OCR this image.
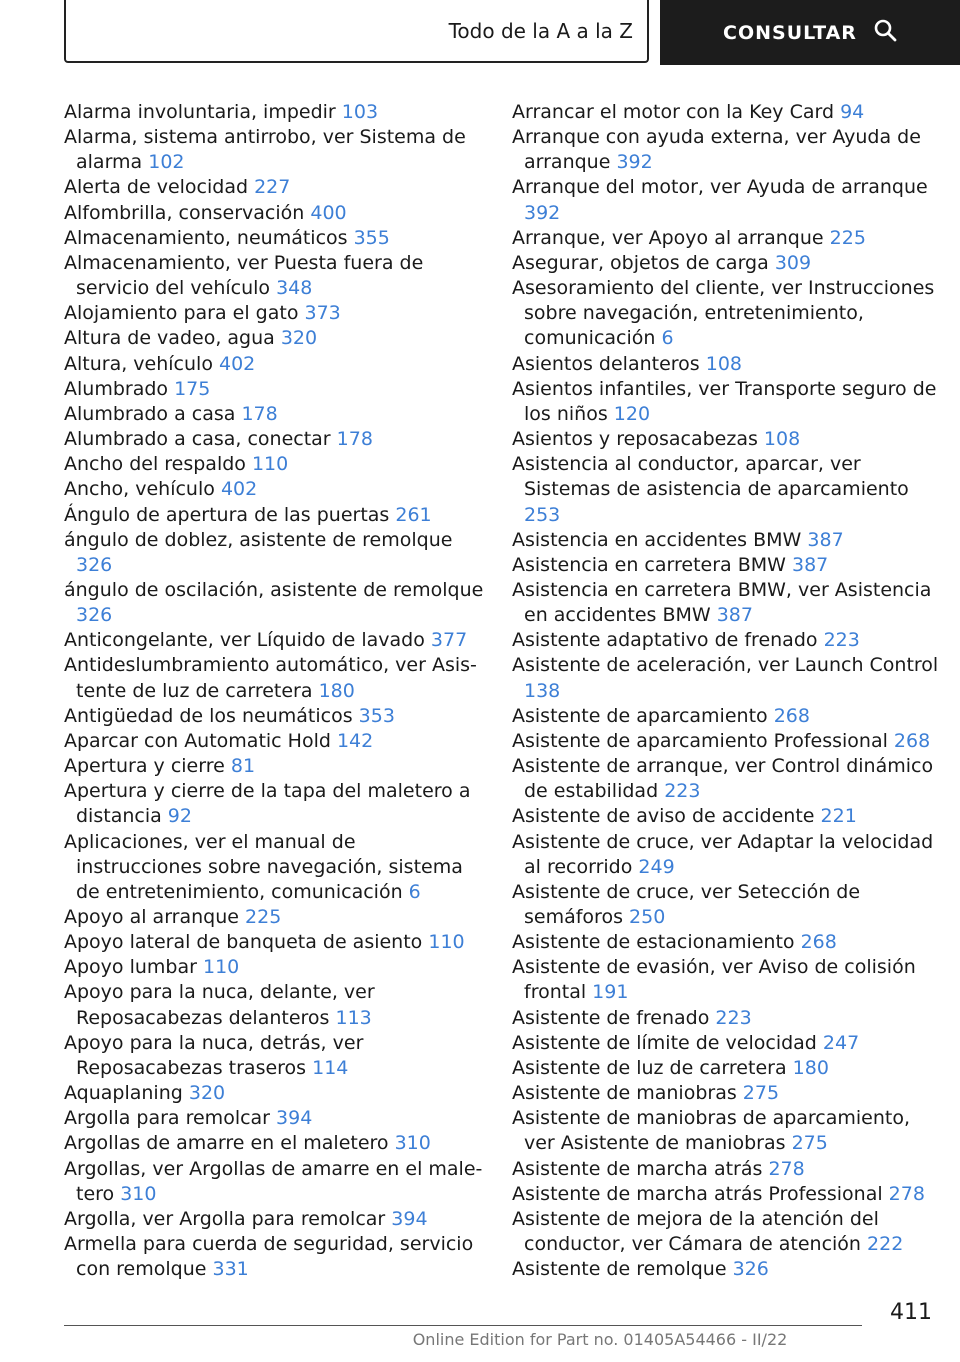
Todo de la A a la Z	CONSULTAR
Alarma involuntaria, impedir 103
Alarma, sistema antirrobo, ver Sistema de alarma 102
Alerta de velocidad 227
Alfombrilla, conservación 400
Almacenamiento, neumáticos 355
Almacenamiento, ver Puesta fuera de servicio del vehículo 348
Alojamiento para el gato 373
Altura de vadeo, agua 320
Altura, vehículo 402
Alumbrado 175
Alumbrado a casa 178
Alumbrado a casa, conectar 178
Ancho del respaldo 110
Ancho, vehículo 402
Ángulo de apertura de las puertas 261
ángulo de doblez, asistente de remolque 326
ángulo de oscilación, asistente de remolque 326
Anticongelante, ver Líquido de lavado 377
Antideslumbramiento automático, ver Asistente de luz de carretera 180
Antigüedad de los neumáticos 353
Aparcar con Automatic Hold 142
Apertura y cierre 81
Apertura y cierre de la tapa del maletero a distancia 92
Aplicaciones, ver el manual de instrucciones sobre navegación, sistema de entretenimiento, comunicación 6
Apoyo al arranque 225
Apoyo lateral de banqueta de asiento 110
Apoyo lumbar 110
Apoyo para la nuca, delante, ver Reposacabezas delanteros 113
Apoyo para la nuca, detrás, ver Reposacabezas traseros 114
Aquaplaning 320
Argolla para remolcar 394
Argollas de amarre en el maletero 310
Argollas, ver Argollas de amarre en el maletero 310
Argolla, ver Argolla para remolcar 394
Armella para cuerda de seguridad, servicio con remolque 331
Arrancar el motor con la Key Card 94
Arranque con ayuda externa, ver Ayuda de arranque 392
Arranque del motor, ver Ayuda de arranque 392
Arranque, ver Apoyo al arranque 225
Asegurar, objetos de carga 309
Asesoramiento del cliente, ver Instrucciones sobre navegación, entretenimiento, comunicación 6
Asientos delanteros 108
Asientos infantiles, ver Transporte seguro de los niños 120
Asientos y reposacabezas 108
Asistencia al conductor, aparcar, ver Sistemas de asistencia de aparcamiento 253
Asistencia en accidentes BMW 387
Asistencia en carretera BMW 387
Asistencia en carretera BMW, ver Asistencia en accidentes BMW 387
Asistente adaptativo de frenado 223
Asistente de aceleración, ver Launch Control 138
Asistente de aparcamiento 268
Asistente de aparcamiento Professional 268
Asistente de arranque, ver Control dinámico de estabilidad 223
Asistente de aviso de accidente 221
Asistente de cruce, ver Adaptar la velocidad al recorrido 249
Asistente de cruce, ver Setección de semáforos 250
Asistente de estacionamiento 268
Asistente de evasión, ver Aviso de colisión frontal 191
Asistente de frenado 223
Asistente de límite de velocidad 247
Asistente de luz de carretera 180
Asistente de maniobras 275
Asistente de maniobras de aparcamiento, ver Asistente de maniobras 275
Asistente de marcha atrás 278
Asistente de marcha atrás Professional 278
Asistente de mejora de la atención del conductor, ver Cámara de atención 222
Asistente de remolque 326
411
Online Edition for Part no. 01405A54466 - II/22
